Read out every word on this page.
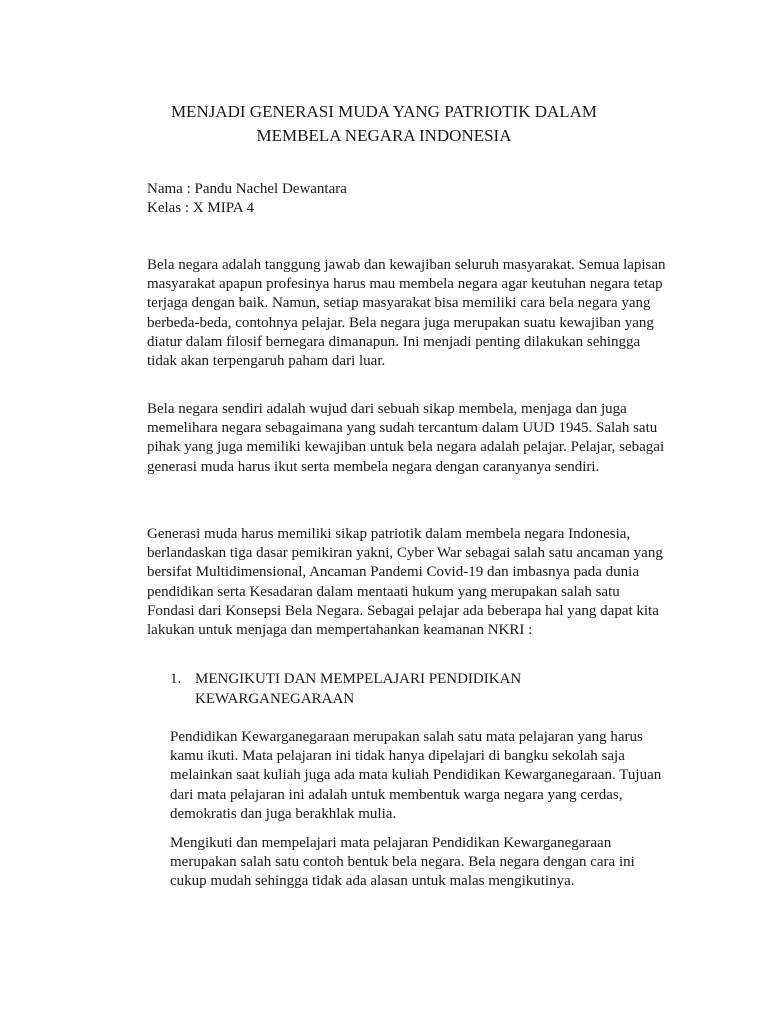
MENJADI GENERASI MUDA YANG PATRIOTIK DALAM
MEMBELA NEGARA INDONESIA
Nama : Pandu Nachel Dewantara
Kelas : X MIPA 4

Bela negara adalah tanggung jawab dan kewajiban seluruh masyarakat. Semua lapisan masyarakat apapun profesinya harus mau membela negara agar keutuhan negara tetap terjaga dengan baik. Namun, setiap masyarakat bisa memiliki cara bela negara yang berbeda-beda, contohnya pelajar. Bela negara juga merupakan suatu kewajiban yang diatur dalam filosif bernegara dimanapun. Ini menjadi penting dilakukan sehingga tidak akan terpengaruh paham dari luar.

Bela negara sendiri adalah wujud dari sebuah sikap membela, menjaga dan juga memelihara negara sebagaimana yang sudah tercantum dalam UUD 1945. Salah satu pihak yang juga memiliki kewajiban untuk bela negara adalah pelajar. Pelajar, sebagai generasi muda harus ikut serta membela negara dengan caranyanya sendiri.

Generasi muda harus memiliki sikap patriotik dalam membela negara Indonesia, berlandaskan tiga dasar pemikiran yakni, Cyber War sebagai salah satu ancaman yang bersifat Multidimensional, Ancaman Pandemi Covid-19 dan imbasnya pada dunia pendidikan serta Kesadaran dalam mentaati hukum yang merupakan salah satu Fondasi dari Konsepsi Bela Negara. Sebagai pelajar ada beberapa hal yang dapat kita lakukan untuk menjaga dan mempertahankan keamanan NKRI :

1. MENGIKUTI DAN MEMPELAJARI PENDIDIKAN KEWARGANEGARAAN

Pendidikan Kewarganegaraan merupakan salah satu mata pelajaran yang harus kamu ikuti. Mata pelajaran ini tidak hanya dipelajari di bangku sekolah saja melainkan saat kuliah juga ada mata kuliah Pendidikan Kewarganegaraan. Tujuan dari mata pelajaran ini adalah untuk membentuk warga negara yang cerdas, demokratis dan juga berakhlak mulia.

Mengikuti dan mempelajari mata pelajaran Pendidikan Kewarganegaraan merupakan salah satu contoh bentuk bela negara. Bela negara dengan cara ini cukup mudah sehingga tidak ada alasan untuk malas mengikutinya.
